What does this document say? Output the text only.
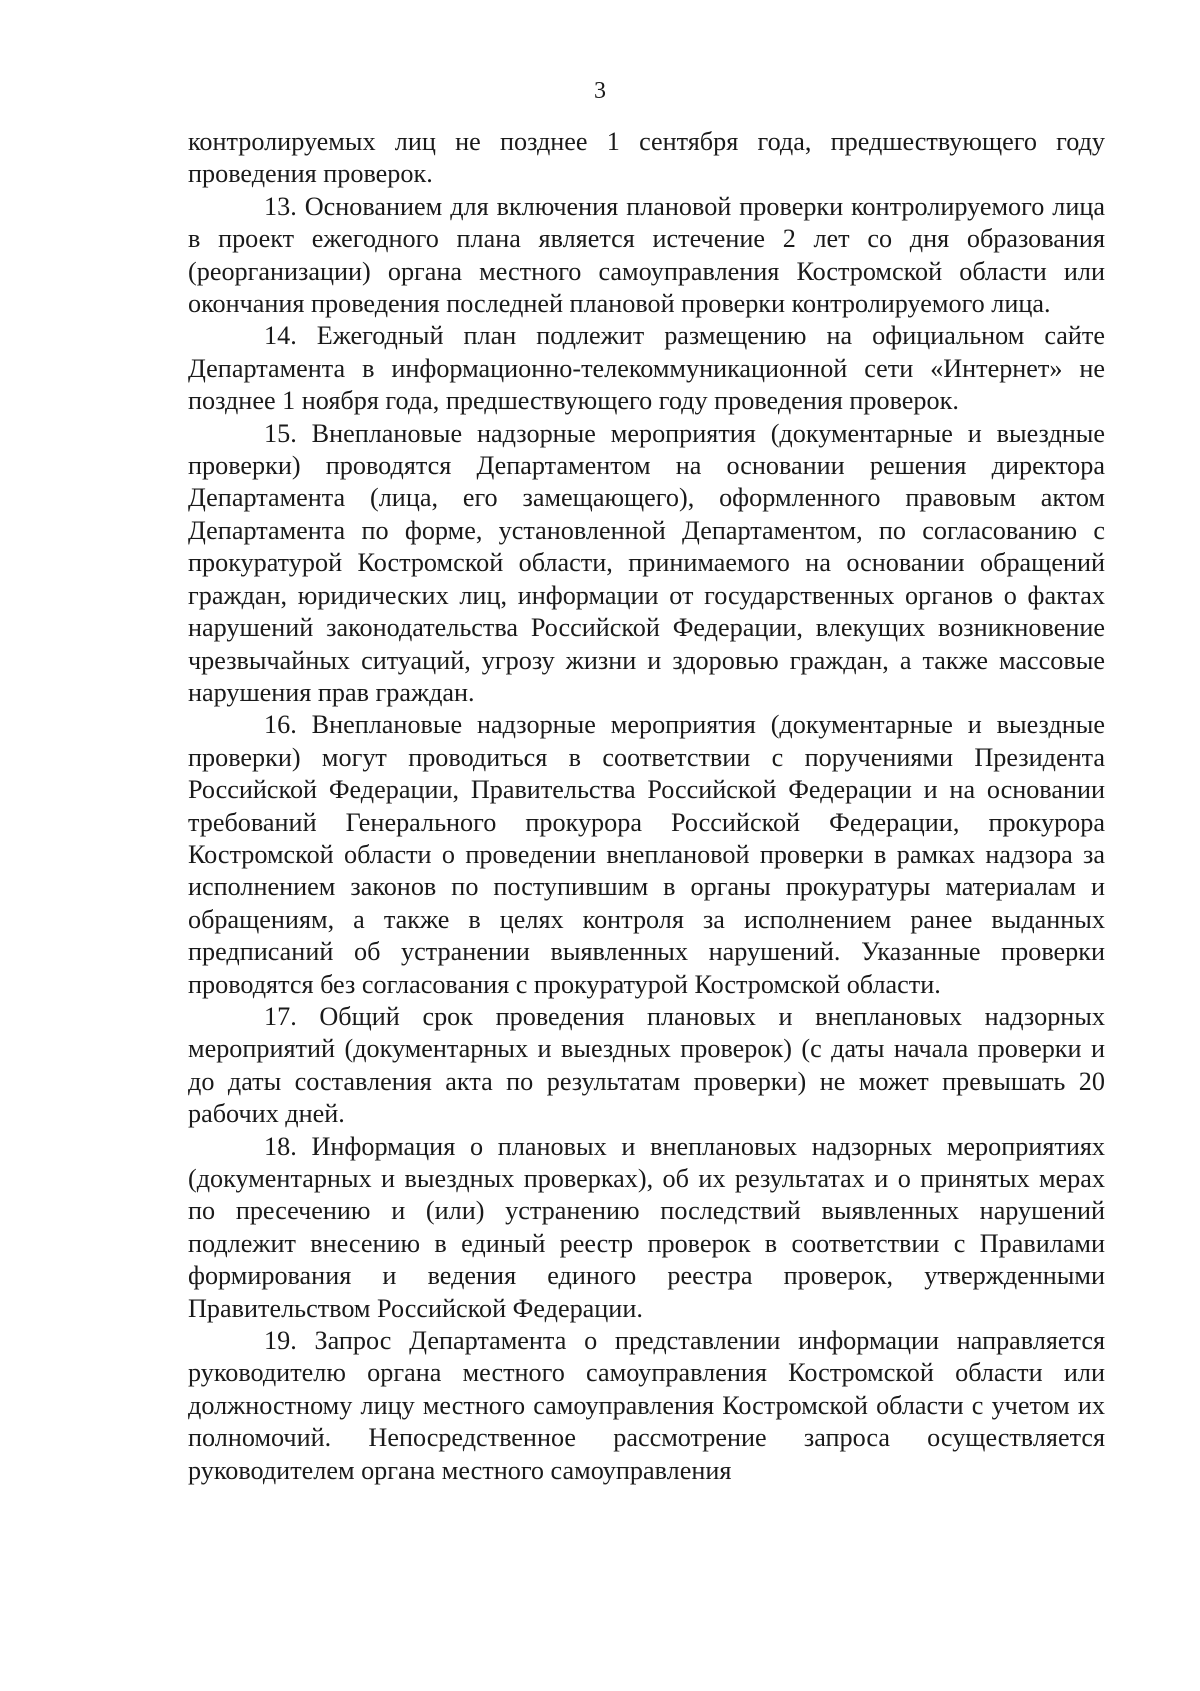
3

контролируемых лиц не позднее 1 сентября года, предшествующего году проведения проверок.

13. Основанием для включения плановой проверки контролируемого лица в проект ежегодного плана является истечение 2 лет со дня образования (реорганизации) органа местного самоуправления Костромской области или окончания проведения последней плановой проверки контролируемого лица.

14. Ежегодный план подлежит размещению на официальном сайте Департамента в информационно-телекоммуникационной сети «Интернет» не позднее 1 ноября года, предшествующего году проведения проверок.

15. Внеплановые надзорные мероприятия (документарные и выездные проверки) проводятся Департаментом на основании решения директора Департамента (лица, его замещающего), оформленного правовым актом Департамента по форме, установленной Департаментом, по согласованию с прокуратурой Костромской области, принимаемого на основании обращений граждан, юридических лиц, информации от государственных органов о фактах нарушений законодательства Российской Федерации, влекущих возникновение чрезвычайных ситуаций, угрозу жизни и здоровью граждан, а также массовые нарушения прав граждан.

16. Внеплановые надзорные мероприятия (документарные и выездные проверки) могут проводиться в соответствии с поручениями Президента Российской Федерации, Правительства Российской Федерации и на основании требований Генерального прокурора Российской Федерации, прокурора Костромской области о проведении внеплановой проверки в рамках надзора за исполнением законов по поступившим в органы прокуратуры материалам и обращениям, а также в целях контроля за исполнением ранее выданных предписаний об устранении выявленных нарушений. Указанные проверки проводятся без согласования с прокуратурой Костромской области.

17. Общий срок проведения плановых и внеплановых надзорных мероприятий (документарных и выездных проверок) (с даты начала проверки и до даты составления акта по результатам проверки) не может превышать 20 рабочих дней.

18. Информация о плановых и внеплановых надзорных мероприятиях (документарных и выездных проверках), об их результатах и о принятых мерах по пресечению и (или) устранению последствий выявленных нарушений подлежит внесению в единый реестр проверок в соответствии с Правилами формирования и ведения единого реестра проверок, утвержденными Правительством Российской Федерации.

19. Запрос Департамента о представлении информации направляется руководителю органа местного самоуправления Костромской области или должностному лицу местного самоуправления Костромской области с учетом их полномочий. Непосредственное рассмотрение запроса осуществляется руководителем органа местного самоуправления
